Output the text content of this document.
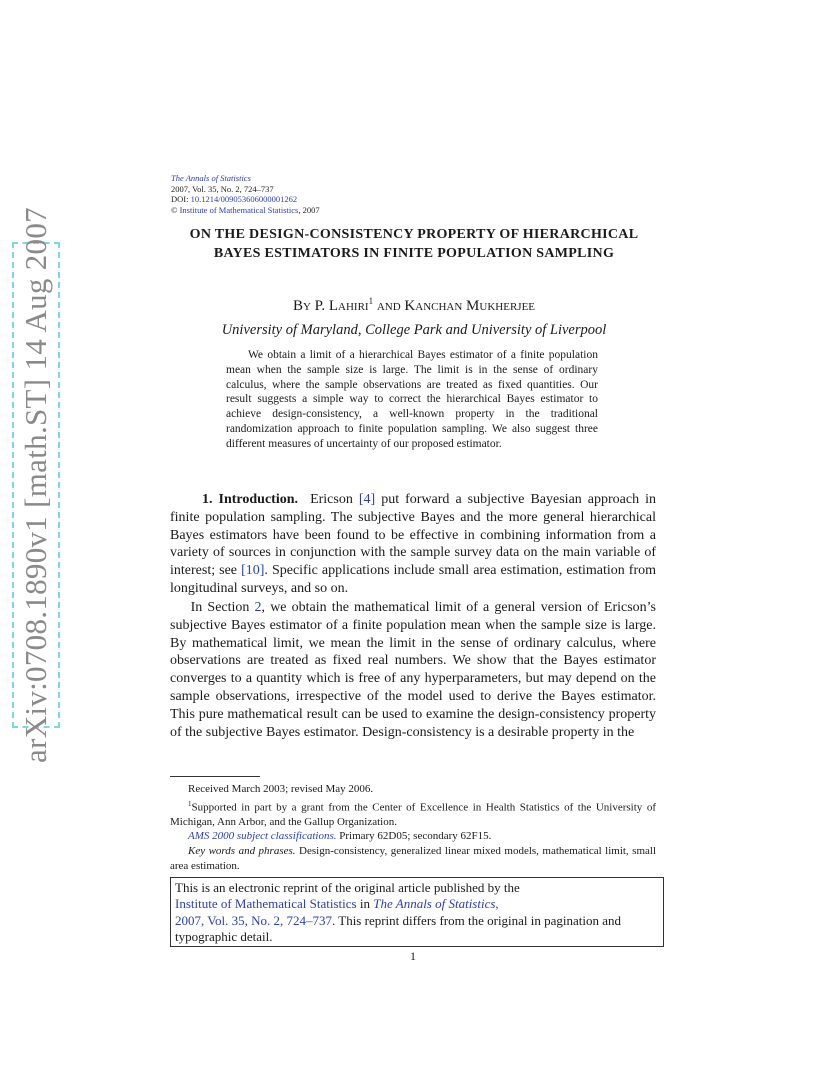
arXiv:0708.1890v1 [math.ST] 14 Aug 2007
The Annals of Statistics
2007, Vol. 35, No. 2, 724–737
DOI: 10.1214/009053606000001262
© Institute of Mathematical Statistics, 2007
ON THE DESIGN-CONSISTENCY PROPERTY OF HIERARCHICAL BAYES ESTIMATORS IN FINITE POPULATION SAMPLING
By P. Lahiri$^1$ and Kanchan Mukherjee
University of Maryland, College Park and University of Liverpool

We obtain a limit of a hierarchical Bayes estimator of a finite population mean when the sample size is large. The limit is in the sense of ordinary calculus, where the sample observations are treated as fixed quantities. Our result suggests a simple way to correct the hierarchical Bayes estimator to achieve design-consistency, a well-known property in the traditional randomization approach to finite population sampling. We also suggest three different measures of uncertainty of our proposed estimator.

1. Introduction. Ericson [4] put forward a subjective Bayesian approach in finite population sampling. The subjective Bayes and the more general hierarchical Bayes estimators have been found to be effective in combining information from a variety of sources in conjunction with the sample survey data on the main variable of interest; see [10]. Specific applications include small area estimation, estimation from longitudinal surveys, and so on.

In Section 2, we obtain the mathematical limit of a general version of Ericson’s subjective Bayes estimator of a finite population mean when the sample size is large. By mathematical limit, we mean the limit in the sense of ordinary calculus, where observations are treated as fixed real numbers. We show that the Bayes estimator converges to a quantity which is free of any hyperparameters, but may depend on the sample observations, irrespective of the model used to derive the Bayes estimator. This pure mathematical result can be used to examine the design-consistency property of the subjective Bayes estimator. Design-consistency is a desirable property in the

Received March 2003; revised May 2006.

$^1$Supported in part by a grant from the Center of Excellence in Health Statistics of the University of Michigan, Ann Arbor, and the Gallup Organization.

AMS 2000 subject classifications. Primary 62D05; secondary 62F15.

Key words and phrases. Design-consistency, generalized linear mixed models, mathematical limit, small area estimation.

This is an electronic reprint of the original article published by the
Institute of Mathematical Statistics in The Annals of Statistics,
2007, Vol. 35, No. 2, 724–737. This reprint differs from the original in pagination and typographic detail.
1
